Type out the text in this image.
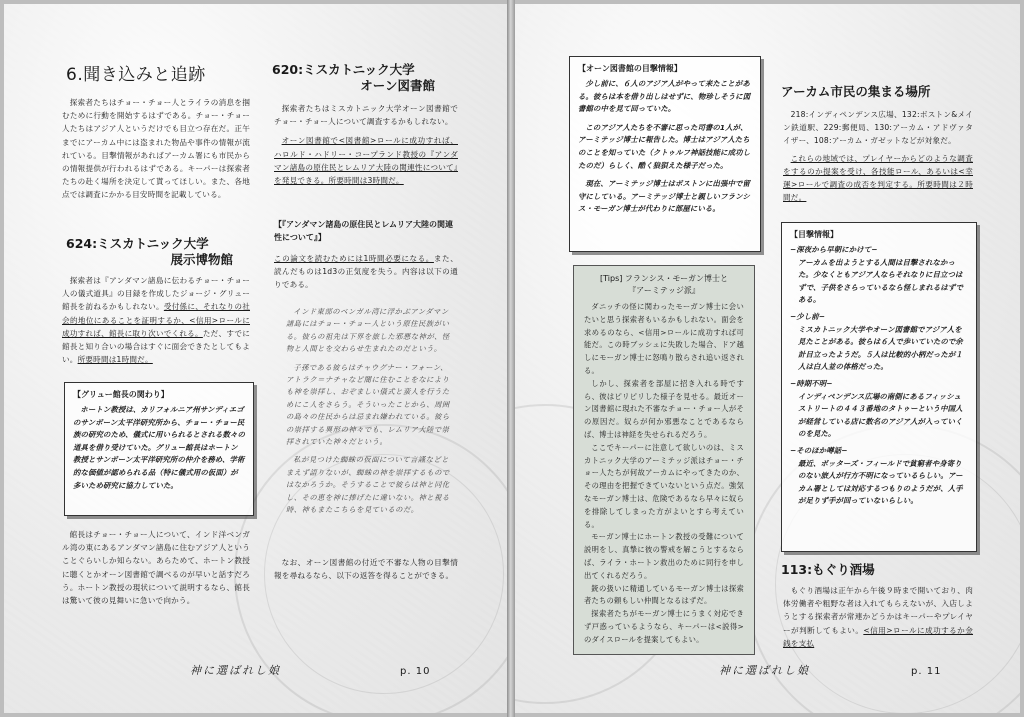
6.聞き込みと追跡
探索者たちはチョー・チョー人とライラの消息を掴むために行動を開始するはずである。チョー・チョー人たちはアジア人というだけでも目立つ存在だ。正午までにアーカム中には盗まれた物品や事件の情報が流れている。目撃情報があればアーカム署にも市民からの情報提供が行われるはずである。キーパーは探索者たちの赴く場所を決定して貰ってほしい。また、各地点では調査にかかる目安時間を記載している。
624:ミスカトニック大学
展示博物館
探索者は『アンダマン諸島に伝わるチョー・チョー人の儀式道具』の目録を作成したジョージ・グリュー館長を訪ねるかもしれない。受付係に、それなりの社会的地位にあることを証明するか、<信用>ロールに成功すれば、館長に取り次いでくれる。ただ、すでに館長と知り合いの場合はすぐに面会できたとしてもよい。所要時間は1時間だ。
【グリュー館長の関わり】
ホートン教授は、カリフォルニア州サンディエゴのサンボーン太平洋研究所から、チョー・チョー民族の研究のため、儀式に用いられるとされる数々の道具を借り受けていた。グリュー館長はホートン教授とサンボーン太平洋研究所の仲介を務め、学術的な価値が認められる品（特に儀式用の仮面）が多いため研究に協力していた。
館長はチョー・チョー人について、インド洋ベンガル湾の東にあるアンダマン諸島に住むアジア人ということぐらいしか知らない。あらためて、ホートン教授に聴くとかオーン図書館で調べるのが早いと話すだろう。ホートン教授の現状について説明するなら、館長は驚いて彼の見舞いに急いで向かう。
620:ミスカトニック大学
オーン図書館
探索者たちはミスカトニック大学オーン図書館でチョー・チョー人について調査するかもしれない。
オーン図書館で<図書館>ロールに成功すれば、ハロルド・ハドリー・コープランド教授の『アンダマン諸島の原住民とレムリア大陸の関連性について』を発見できる。所要時間は3時間だ。
【『アンダマン諸島の原住民とレムリア大陸の関連性について』】
この論文を読むためには1時間必要になる。また、読んだものは1d3の正気度を失う。内容は以下の通りである。
インド東部のベンガル湾に浮かぶアンダマン諸島にはチョー・チョー人という原住民族がいる。彼らの祖先は下界を旅した邪悪な神が、怪物と人間とを交わらせ生まれたのだという。
子孫である彼らはチャウグナー・フォーン、アトラク＝ナチャなど闇に住むことをなによりも神を崇拝し、おぞましい儀式と蛮人を行うためにこ人をさらう。そういったことから、周囲の島々の住民からは忌まれ嫌われている。彼らの崇拝する異形の神々でも、レムリア大陸で崇拝されていた神々だという。
私が見つけた蜘蛛の仮面について言謹などとまえず語りないが、蜘蛛の神を崇拝するものではなかろうか。そうすることで彼らは神と同化し、その恵を神に捧げたに違いない。神と視る時、神もまたこちらを見ているのだ。
なお、オーン図書館の付近で不審な人物の目撃情報を尋ねるなら、以下の返答を得ることができる。
神に選ばれし娘	p. 10
【オーン図書館の目撃情報】
少し前に、６人のアジア人がやって来たことがある。彼らは本を借り出しはせずに、物珍しそうに図書館の中を見て回っていた。
このアジア人たちを不審に思った司書の1人が、アーミテッジ博士に報告した。博士はアジア人たちのことを知っていた（クトゥルフ神話技能に成功したのだ）らしく、酷く狼狽えた様子だった。
現在、アーミテッジ博士はボストンに出張中で留守にしている。アーミテッジ博士と親しいフランシス・モーガン博士が代わりに部屋にいる。
[Tips] フランシス・モーガン博士と
『アーミテッジ派』
ダニッチの怪に関わったモーガン博士に会いたいと思う探索者もいるかもしれない。面会を求めるのなら、<信用>ロールに成功すれば可能だ。この時ブッシュに失敗した場合、ドア越しにモーガン博士に怒鳴り散らされ追い返される。
しかし、探索者を部屋に招き入れる時ですら、彼はピリピリした様子を見せる。最近オーン図書館に現れた不審なチョー・チョー人がその原因だ。奴らが何か邪悪なことであるならば、博士は神経を失せられるだろう。
ここでキーパーに注意して欲しいのは、ミスカトニック大学のアーミテッジ派はチョー・チョー人たちが何故アーカムにやってきたのか、その理由を把握できていないという点だ。強気なモーガン博士は、危険であるなら早々に奴らを排除してしまった方がよいとすら考えている。
モーガン博士にホートン教授の受難について説明をし、真摯に彼の警戒を解こうとするならば、ライラ・ホートン救出のために同行を申し出てくれるだろう。
銃の扱いに精通しているモーガン博士は探索者たちの頼もしい仲間となるはずだ。
探索者たちがモーガン博士にうまく対応できず戸惑っているようなら、キーパーは<説得>のダイスロールを提案してもよい。
アーカム市民の集まる場所
218:インディペンデンス広場、132:ボストン&メイン鉄道駅、229:郵便局、130:アーカム・アドヴァタイザー、108:アーカム・ガゼットなどが対象だ。
これらの地域では、プレイヤーからどのような調査をするのか提案を受け、各技能ロール、あるいは<幸運>ロールで調査の成否を判定する。所要時間は２時間だ。
【目撃情報】
−深夜から早朝にかけて−
アーカムを出ようとする人間は目撃されなかった。少なくともアジア人ならそれなりに目立つはずで、子供をさらっているなら怪しまれるはずである。
−少し前−
ミスカトニック大学やオーン図書館でアジア人を見たことがある。彼らは６人で歩いていたので余計目立ったようだ。５人は比較的小柄だったが１人は白人並の体格だった。
−時期不明−
インディペンデンス広場の南側にあるフィッシュストリートの４４３番地のタトゥーという中国人が経営している店に数名のアジア人が入っていくのを見た。
−そのほか噂話−
最近、ボッターズ・フィールドで貧窮者や身寄りのない旅人が行方不明になっているらしい。アーカム署としては対応するつもりのようだが、人手が足りず手が回っていないらしい。
113:もぐり酒場
もぐり酒場は正午から午後９時まで開いており、肉体労働者や粗野な者は入れてもらえないが、入店しようとする探索者が常連かどうかはキーパーやプレイヤーが判断してもよい。<信用>ロールに成功するか金銭を支払
神に選ばれし娘	p. 11
